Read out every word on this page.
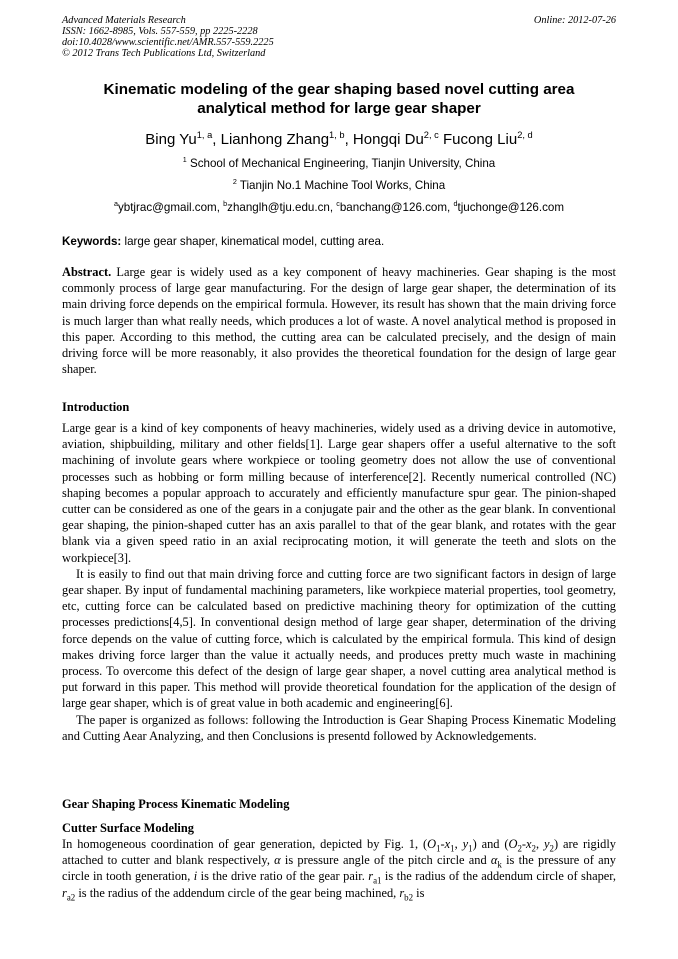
Advanced Materials Research
ISSN: 1662-8985, Vols. 557-559, pp 2225-2228
doi:10.4028/www.scientific.net/AMR.557-559.2225
© 2012 Trans Tech Publications Ltd, Switzerland
Online: 2012-07-26
Kinematic modeling of the gear shaping based novel cutting area
analytical method for large gear shaper
Bing Yu$^{1, a}$, Lianhong Zhang$^{1, b}$, Hongqi Du$^{2, c}$ Fucong Liu$^{2, d}$
$^1$ School of Mechanical Engineering, Tianjin University, China
$^2$ Tianjin No.1 Machine Tool Works, China
$^a$ybtjrac@gmail.com, $^b$zhanglh@tju.edu.cn, $^c$banchang@126.com, $^d$tjuchonge@126.com
Keywords: large gear shaper, kinematical model, cutting area.

Abstract. Large gear is widely used as a key component of heavy machineries. Gear shaping is the most commonly process of large gear manufacturing. For the design of large gear shaper, the determination of its main driving force depends on the empirical formula. However, its result has shown that the main driving force is much larger than what really needs, which produces a lot of waste. A novel analytical method is proposed in this paper. According to this method, the cutting area can be calculated precisely, and the design of main driving force will be more reasonably, it also provides the theoretical foundation for the design of large gear shaper.

Introduction

Large gear is a kind of key components of heavy machineries, widely used as a driving device in automotive, aviation, shipbuilding, military and other fields[1]. Large gear shapers offer a useful alternative to the soft machining of involute gears where workpiece or tooling geometry does not allow the use of conventional processes such as hobbing or form milling because of interference[2]. Recently numerical controlled (NC) shaping becomes a popular approach to accurately and efficiently manufacture spur gear. The pinion-shaped cutter can be considered as one of the gears in a conjugate pair and the other as the gear blank. In conventional gear shaping, the pinion-shaped cutter has an axis parallel to that of the gear blank, and rotates with the gear blank via a given speed ratio in an axial reciprocating motion, it will generate the teeth and slots on the workpiece[3].

It is easily to find out that main driving force and cutting force are two significant factors in design of large gear shaper. By input of fundamental machining parameters, like workpiece material properties, tool geometry, etc, cutting force can be calculated based on predictive machining theory for optimization of the cutting processes predictions[4,5]. In conventional design method of large gear shaper, determination of the driving force depends on the value of cutting force, which is calculated by the empirical formula. This kind of design makes driving force larger than the value it actually needs, and produces pretty much waste in machining process. To overcome this defect of the design of large gear shaper, a novel cutting area analytical method is put forward in this paper. This method will provide theoretical foundation for the application of the design of large gear shaper, which is of great value in both academic and engineering[6].

The paper is organized as follows: following the Introduction is Gear Shaping Process Kinematic Modeling and Cutting Aear Analyzing, and then Conclusions is presentd followed by Acknowledgements.

Gear Shaping Process Kinematic Modeling
Cutter Surface Modeling

In homogeneous coordination of gear generation, depicted by Fig. 1, ($O_1-x_1$, $y_1$) and ($O_2-x_2$, $y_2$) are rigidly attached to cutter and blank respectively, α is pressure angle of the pitch circle and $\alpha_k$ is the pressure of any circle in tooth generation, i is the drive ratio of the gear pair. $r_{a1}$ is the radius of the addendum circle of shaper, $r_{a2}$ is the radius of the addendum circle of the gear being machined, $r_{b2}$ is
